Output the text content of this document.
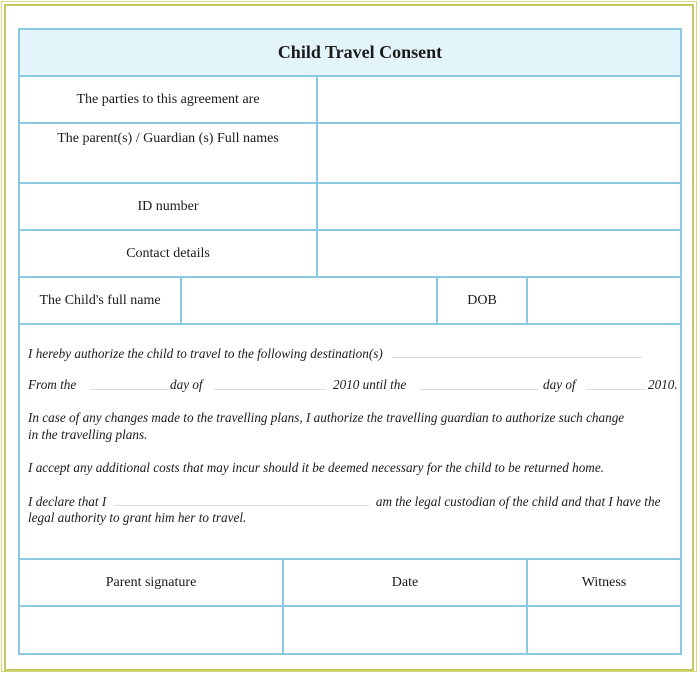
Child Travel Consent
The parties to this agreement are
The parent(s) / Guardian (s) Full names
ID number
Contact details
The Child's full name	DOB
I hereby authorize the child to travel to the following destination(s)
From the	day of	2010 until the	day of	2010.
In case of any changes made to the travelling plans, I authorize the travelling guardian to authorize such change
in the travelling plans.
I accept any additional costs that may incur should it be deemed necessary for the child to be returned home.
I declare that I	am the legal custodian of the child and that I have the
legal authority to grant him her to travel.
Parent signature	Date	Witness
